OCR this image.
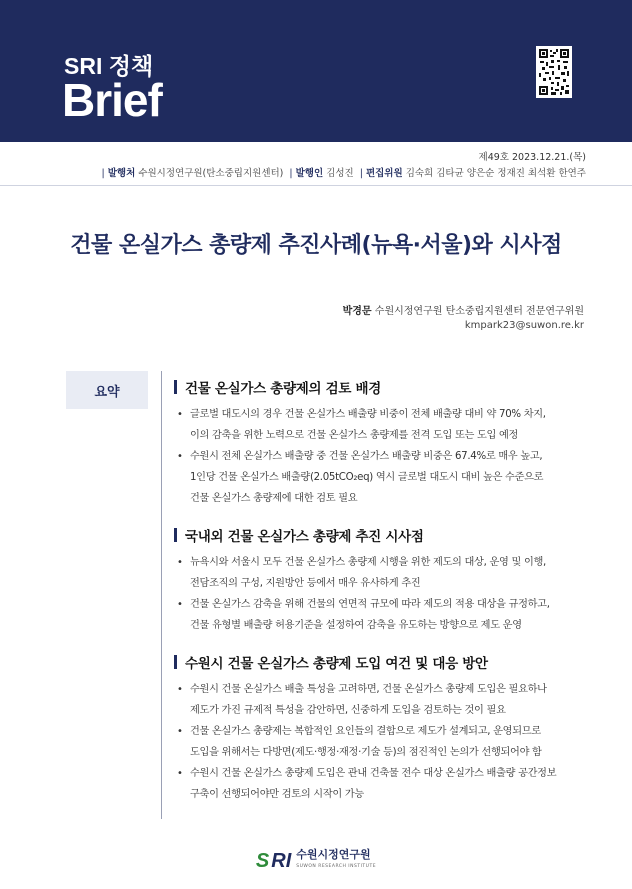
SRI 정책
Brief
제49호 2023.12.21.(목)
| 발행처 수원시정연구원(탄소중립지원센터) | 발행인 김성진 | 편집위원 김숙희 김타균 양은순 정재진 최석환 한연주
건물 온실가스 총량제 추진사례(뉴욕·서울)와 시사점
박경문 수원시정연구원 탄소중립지원센터 전문연구위원
kmpark23@suwon.re.kr
요약	건물 온실가스 총량제의 검토 배경
• 글로벌 대도시의 경우 건물 온실가스 배출량 비중이 전체 배출량 대비 약 70% 차지,
이의 감축을 위한 노력으로 건물 온실가스 총량제를 전격 도입 또는 도입 예정
• 수원시 전체 온실가스 배출량 중 건물 온실가스 배출량 비중은 67.4%로 매우 높고,
1인당 건물 온실가스 배출량(2.05tCO₂eq) 역시 글로벌 대도시 대비 높은 수준으로
건물 온실가스 총량제에 대한 검토 필요
국내외 건물 온실가스 총량제 추진 시사점
• 뉴욕시와 서울시 모두 건물 온실가스 총량제 시행을 위한 제도의 대상, 운영 및 이행,
전담조직의 구성, 지원방안 등에서 매우 유사하게 추진
• 건물 온실가스 감축을 위해 건물의 연면적 규모에 따라 제도의 적용 대상을 규정하고,
건물 유형별 배출량 허용기준을 설정하여 감축을 유도하는 방향으로 제도 운영
수원시 건물 온실가스 총량제 도입 여건 및 대응 방안
• 수원시 건물 온실가스 배출 특성을 고려하면, 건물 온실가스 총량제 도입은 필요하나
제도가 가진 규제적 특성을 감안하면, 신중하게 도입을 검토하는 것이 필요
• 건물 온실가스 총량제는 복합적인 요인들의 결합으로 제도가 설계되고, 운영되므로
도입을 위해서는 다방면(제도·행정·재정·기술 등)의 점진적인 논의가 선행되어야 함
• 수원시 건물 온실가스 총량제 도입은 관내 건축물 전수 대상 온실가스 배출량 공간정보
구축이 선행되어야만 검토의 시작이 가능
S RI 수원시정연구원
SUWON RESEARCH INSTITUTE
